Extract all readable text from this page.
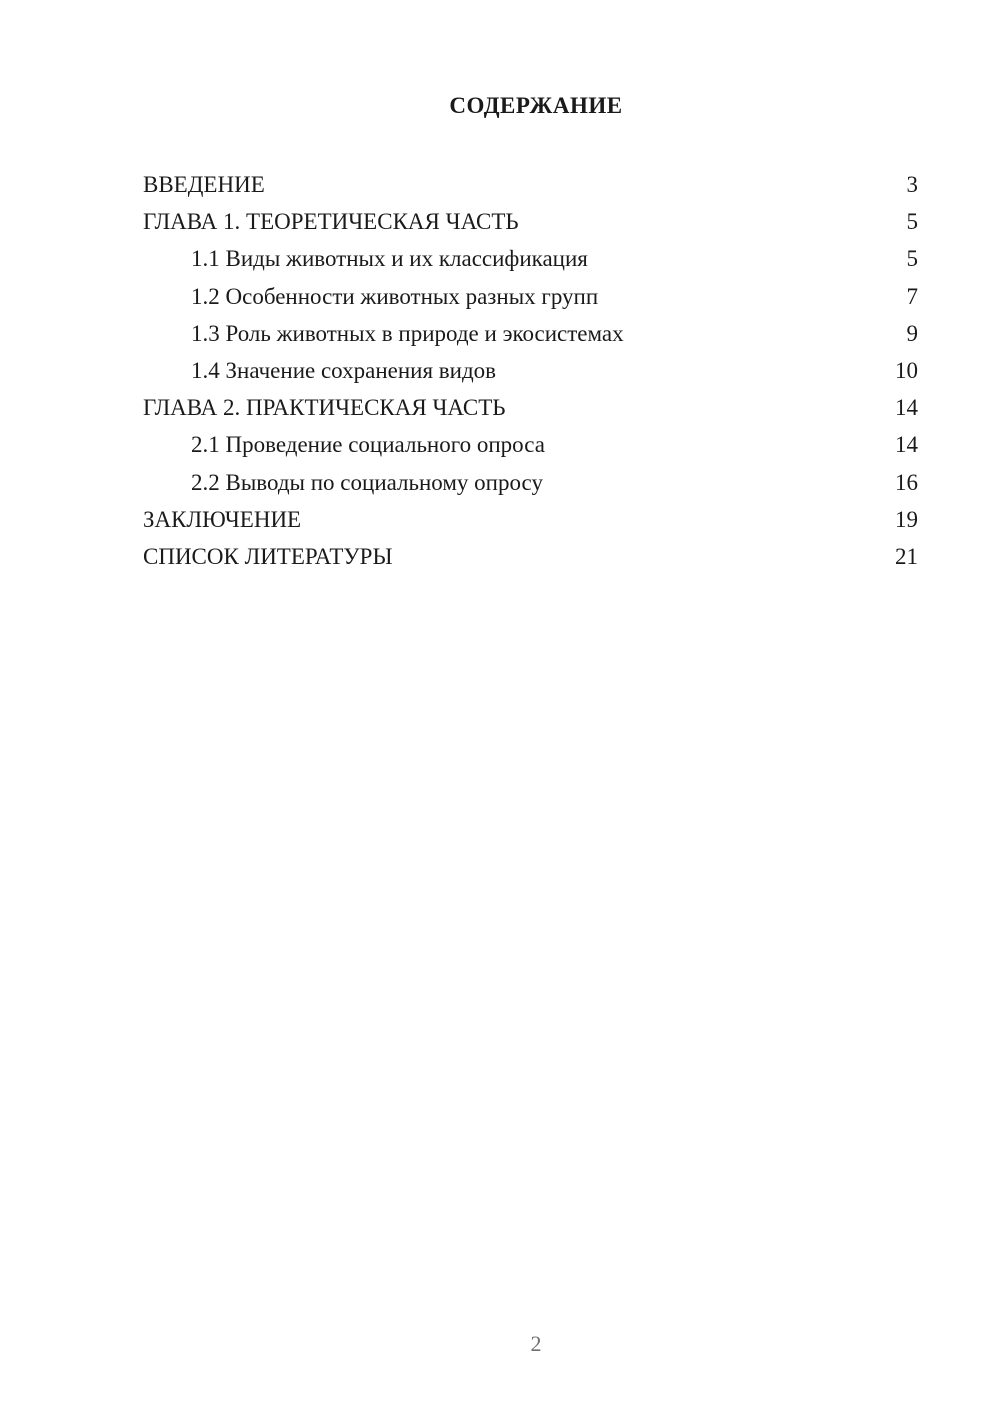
СОДЕРЖАНИЕ
ВВЕДЕНИЕ	3
ГЛАВА 1. ТЕОРЕТИЧЕСКАЯ ЧАСТЬ	5
1.1 Виды животных и их классификация	5
1.2 Особенности животных разных групп	7
1.3 Роль животных в природе и экосистемах	9
1.4 Значение сохранения видов	10
ГЛАВА 2. ПРАКТИЧЕСКАЯ ЧАСТЬ	14
2.1 Проведение социального опроса	14
2.2 Выводы по социальному опросу	16
ЗАКЛЮЧЕНИЕ	19
СПИСОК ЛИТЕРАТУРЫ	21
2
